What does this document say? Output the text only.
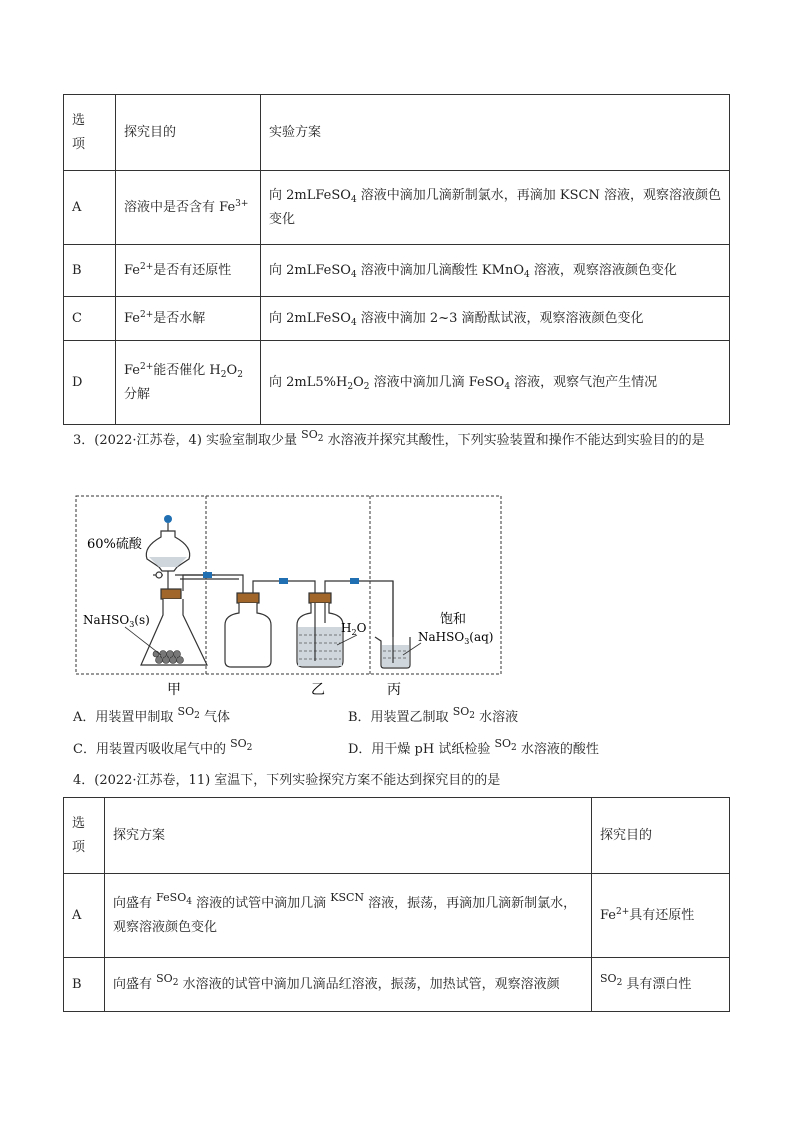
选
项	探究目的	实验方案
A	溶液中是否含有 $Fe^{3+}$	向 2mLFeSO$_4$ 溶液中滴加几滴新制氯水，再滴加 KSCN 溶液，观察溶液颜色变化
B	$Fe^{2+}$是否有还原性	向 2mLFeSO$_4$ 溶液中滴加几滴酸性 KMnO$_4$ 溶液，观察溶液颜色变化
C	$Fe^{2+}$是否水解	向 2mLFeSO$_4$ 溶液中滴加 2~3 滴酚酞试液，观察溶液颜色变化
D	$Fe^{2+}$能否催化 $H_2O_2$ 分解	向 $2mL5\%H_2O_2$ 溶液中滴加几滴 FeSO$_4$ 溶液，观察气泡产生情况
3．(2022·江苏卷，4) 实验室制取少量 $^{SO_2}$ 水溶液并探究其酸性，下列实验装置和操作不能达到实验目的的是
60%硫酸
NaHSO$_3$(s)
$H_2O$
饱和
NaHSO$_3$(aq)
甲	乙	丙
A．用装置甲制取 $^{SO_2}$ 气体	B．用装置乙制取 $^{SO_2}$ 水溶液
C．用装置丙吸收尾气中的 $^{SO_2}$	D．用干燥 pH 试纸检验 $^{SO_2}$ 水溶液的酸性
4．(2022·江苏卷，11) 室温下，下列实验探究方案不能达到探究目的的是
选
项	探究方案	探究目的
A	向盛有 $^{FeSO_4}$ 溶液的试管中滴加几滴 $^{KSCN}$ 溶液，振荡，再滴加几滴新制氯水，观察溶液颜色变化	$Fe^{2+}$具有还原性
B	向盛有 $^{SO_2}$ 水溶液的试管中滴加几滴品红溶液，振荡，加热试管，观察溶液颜	$^{SO_2}$ 具有漂白性
